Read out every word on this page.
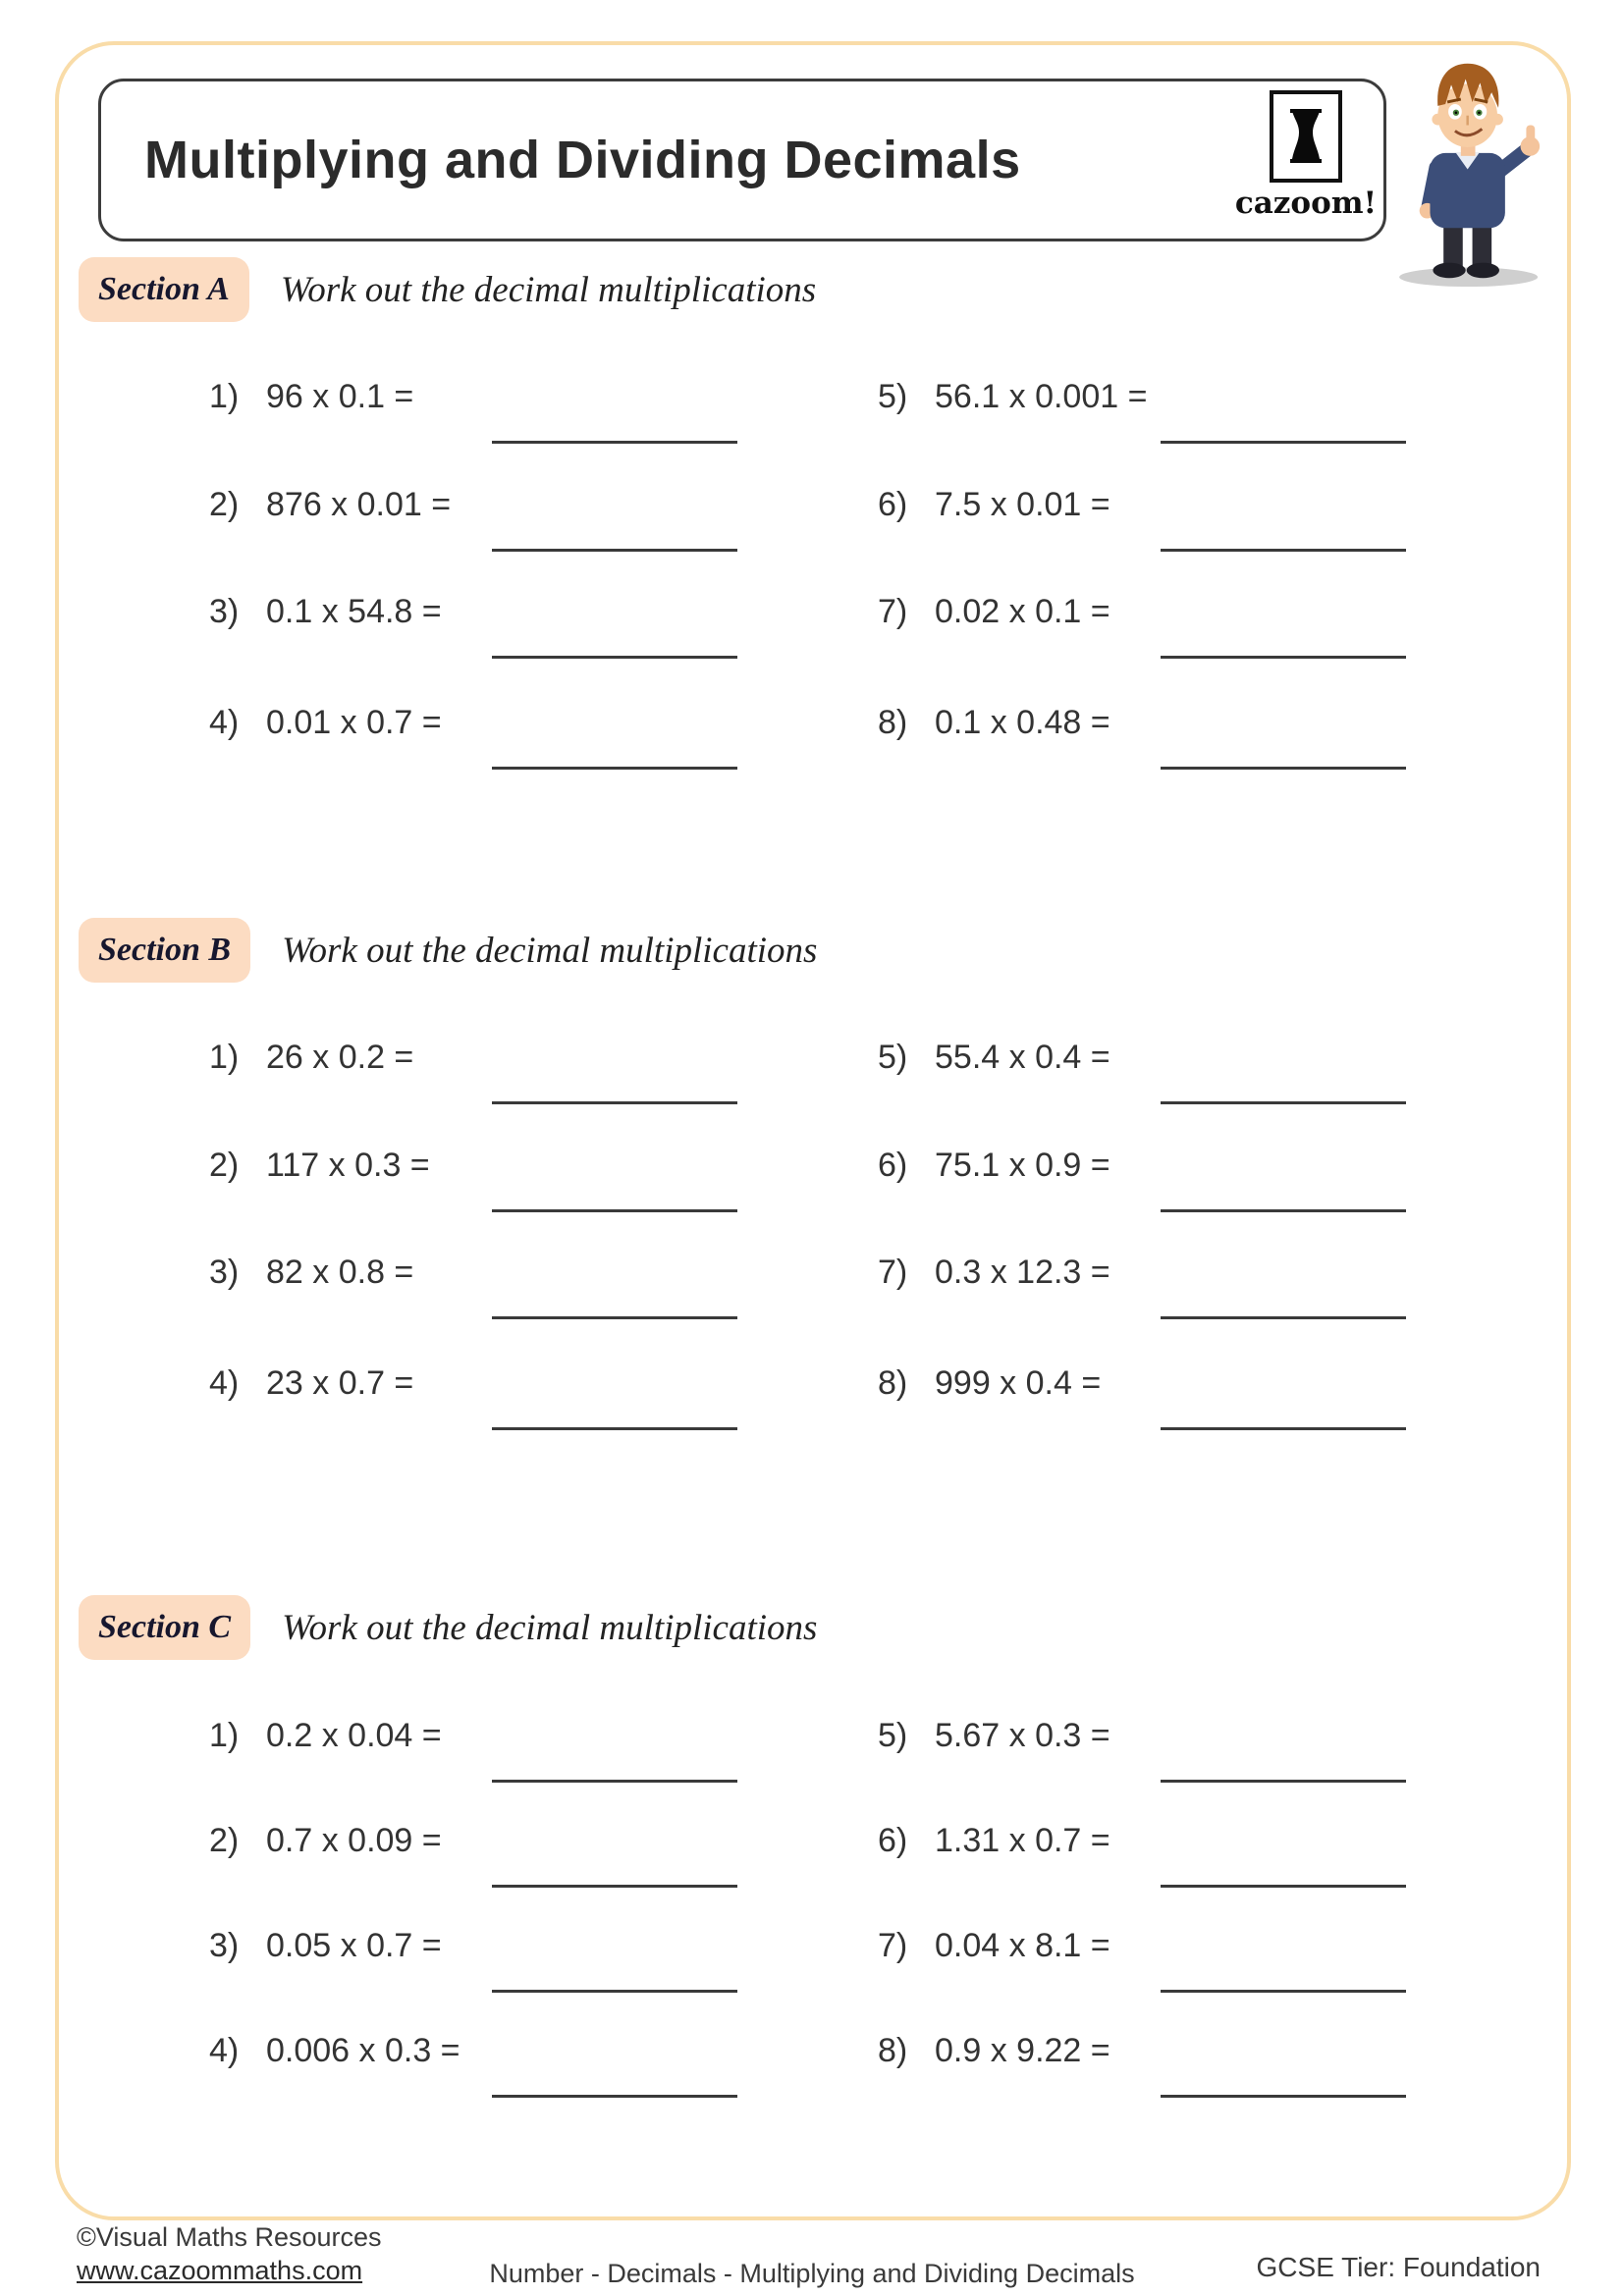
Multiplying and Dividing Decimals
cazoom!
Section A	Work out the decimal multiplications
1) 96 x 0.1 =
2) 876 x 0.01 =
3) 0.1 x 54.8 =
4) 0.01 x 0.7 =
5) 56.1 x 0.001 =
6) 7.5 x 0.01 =
7) 0.02 x 0.1 =
8) 0.1 x 0.48 =
Section B	Work out the decimal multiplications
1) 26 x 0.2 =
2) 117 x 0.3 =
3) 82 x 0.8 =
4) 23 x 0.7 =
5) 55.4 x 0.4 =
6) 75.1 x 0.9 =
7) 0.3 x 12.3 =
8) 999 x 0.4 =
Section C	Work out the decimal multiplications
1) 0.2 x 0.04 =
2) 0.7 x 0.09 =
3) 0.05 x 0.7 =
4) 0.006 x 0.3 =
5) 5.67 x 0.3 =
6) 1.31 x 0.7 =
7) 0.04 x 8.1 =
8) 0.9 x 9.22 =
©Visual Maths Resources
www.cazoommaths.com	Number - Decimals - Multiplying and Dividing Decimals	GCSE Tier: Foundation
